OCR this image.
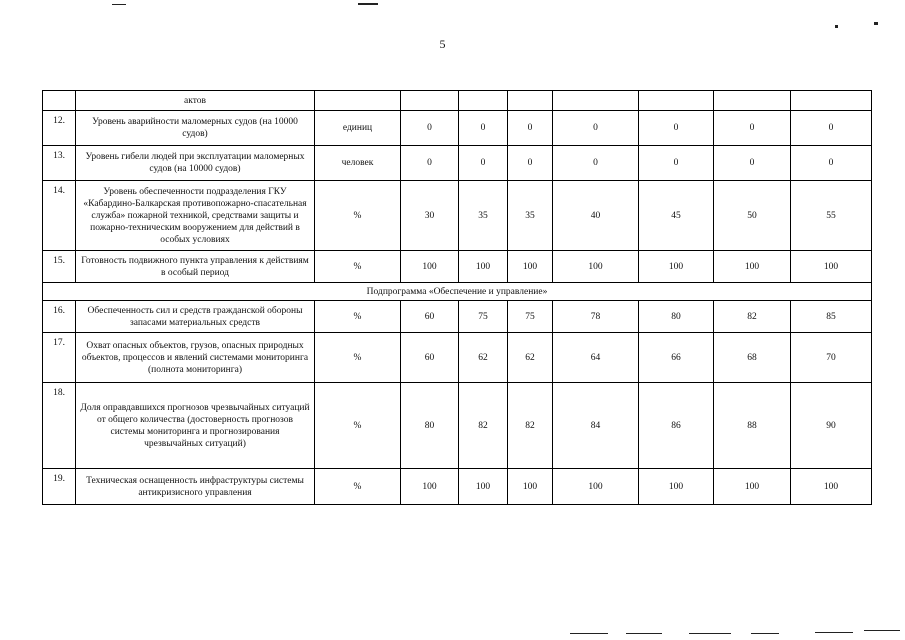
5
	актов								
12.	Уровень аварийности маломерных судов (на 10000 судов)	единиц	0	0	0	0	0	0	0
13.	Уровень гибели людей при эксплуатации маломерных судов (на 10000 судов)	человек	0	0	0	0	0	0	0
14.	Уровень обеспеченности подразделения ГКУ «Кабардино-Балкарская противопожарно-спасательная служба» пожарной техникой, средствами защиты и пожарно-техническим вооружением для действий в особых условиях	%	30	35	35	40	45	50	55
15.	Готовность подвижного пункта управления к действиям в особый период	%	100	100	100	100	100	100	100
Подпрограмма «Обеспечение и управление»									
16.	Обеспеченность сил и средств гражданской обороны запасами материальных средств	%	60	75	75	78	80	82	85
17.	Охват опасных объектов, грузов, опасных природных объектов, процессов и явлений системами мониторинга (полнота мониторинга)	%	60	62	62	64	66	68	70
18.	Доля оправдавшихся прогнозов чрезвычайных ситуаций от общего количества (достоверность прогнозов системы мониторинга и прогнозирования чрезвычайных ситуаций)	%	80	82	82	84	86	88	90
19.	Техническая оснащенность инфраструктуры системы антикризисного управления	%	100	100	100	100	100	100	100
